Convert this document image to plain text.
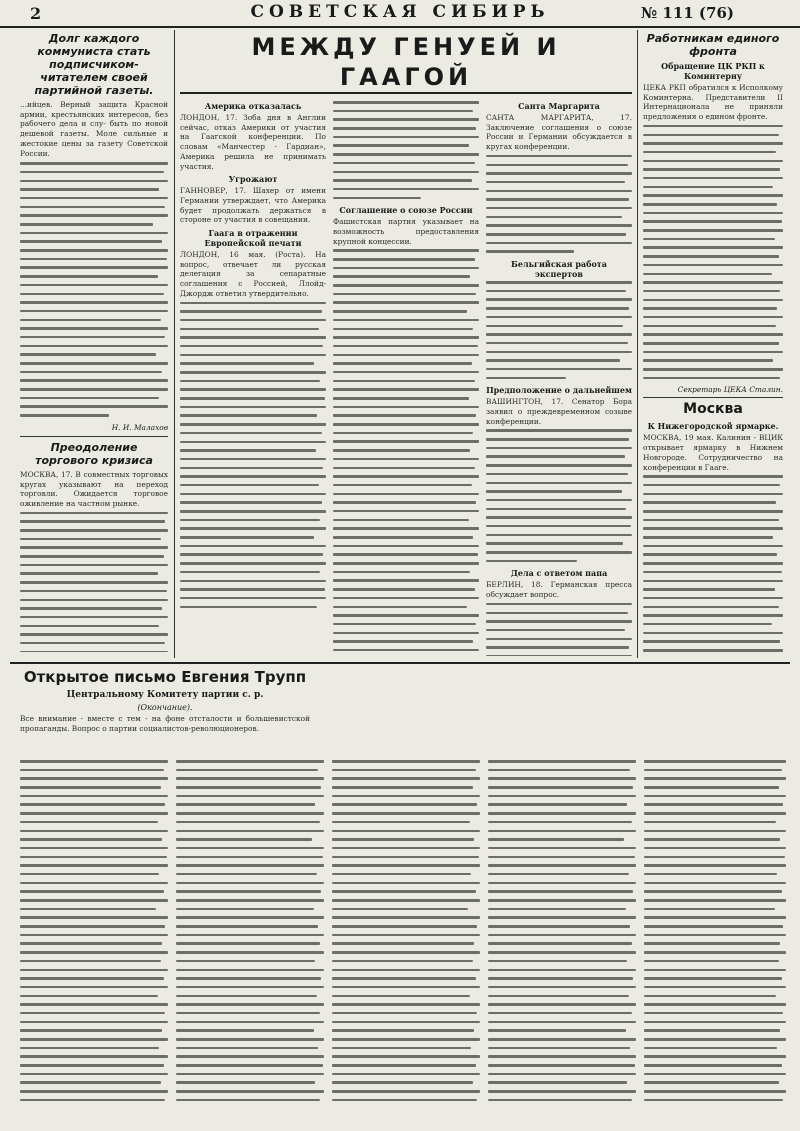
2	СОВЕТСКАЯ СИБИРЬ	№ 111 (76)
Долг каждого коммуниста стать подписчиком-читателем своей партийной газеты.
...ийцев. Верный защита Красной армии, крестьянских интересов, без рабочего дела и слу- быть по новой дешевой газеты. Моле сильные и жестокие цены за газету Советской России.
Н. И. Малахов
Преодоление торгового кризиса
МОСКВА, 17. В совместных торговых кругах указывают на переход торговли. Ожидается торговое оживление на частном рынке.
МЕЖДУ ГЕНУЕЙ И ГААГОЙ
Америка отказалась
ЛОНДОН, 17. Зоба дня в Англии сейчас, отказ Америки от участия на Гаагской конференции. По словам «Манчестер - Гардиан», Америка решила не принимать участия.
Угрожают
ГАННОВЕР, 17. Шахер от имени Германии утверждает, что Америка будет продолжать держаться в стороне от участия в совещании.
Гаага в отражении Европейской печати
ЛОНДОН, 16 мая. (Роста). На вопрос, отвечает ли русская делегация за сепаратные соглашения с Россией, Ллойд-Джордж ответил утвердительно.
Соглашение о союзе России
Фашистская партия указывает на возможность предоставления крупной концессии.
Санта Маргарита
САНТА МАРГАРИТА, 17. Заключение соглашения о союзе России и Германии обсуждается в кругах конференции.
Бельгийская работа экспертов
Предположение о дальнейшем
ВАШИНГТОН, 17. Сенатор Бора заявил о преждевременном созыве конференции.
Дела с ответом папа
БЕРЛИН, 18. Германская пресса обсуждает вопрос.
Работникам единого фронта
Обращение ЦК РКП к Коминтерну
ЦЕКА РКП обратился к Исполкому Коминтерна. Представители II Интернационала не приняли предложения о едином фронте.
Секретарь ЦЕКА Сталин.
Москва
К Нижегородской ярмарке.
МОСКВА, 19 мая. Калинин - ВЦИК открывает ярмарку в Нижнем Новгороде. Сотрудничество на конференции в Гааге.
Открытое письмо Евгения Трупп
Центральному Комитету партии с. р.
(Окончание).
Все внимание - вместе с тем - на фоне отсталости и большевистской пропаганды. Вопрос о партии социалистов-революционеров.
